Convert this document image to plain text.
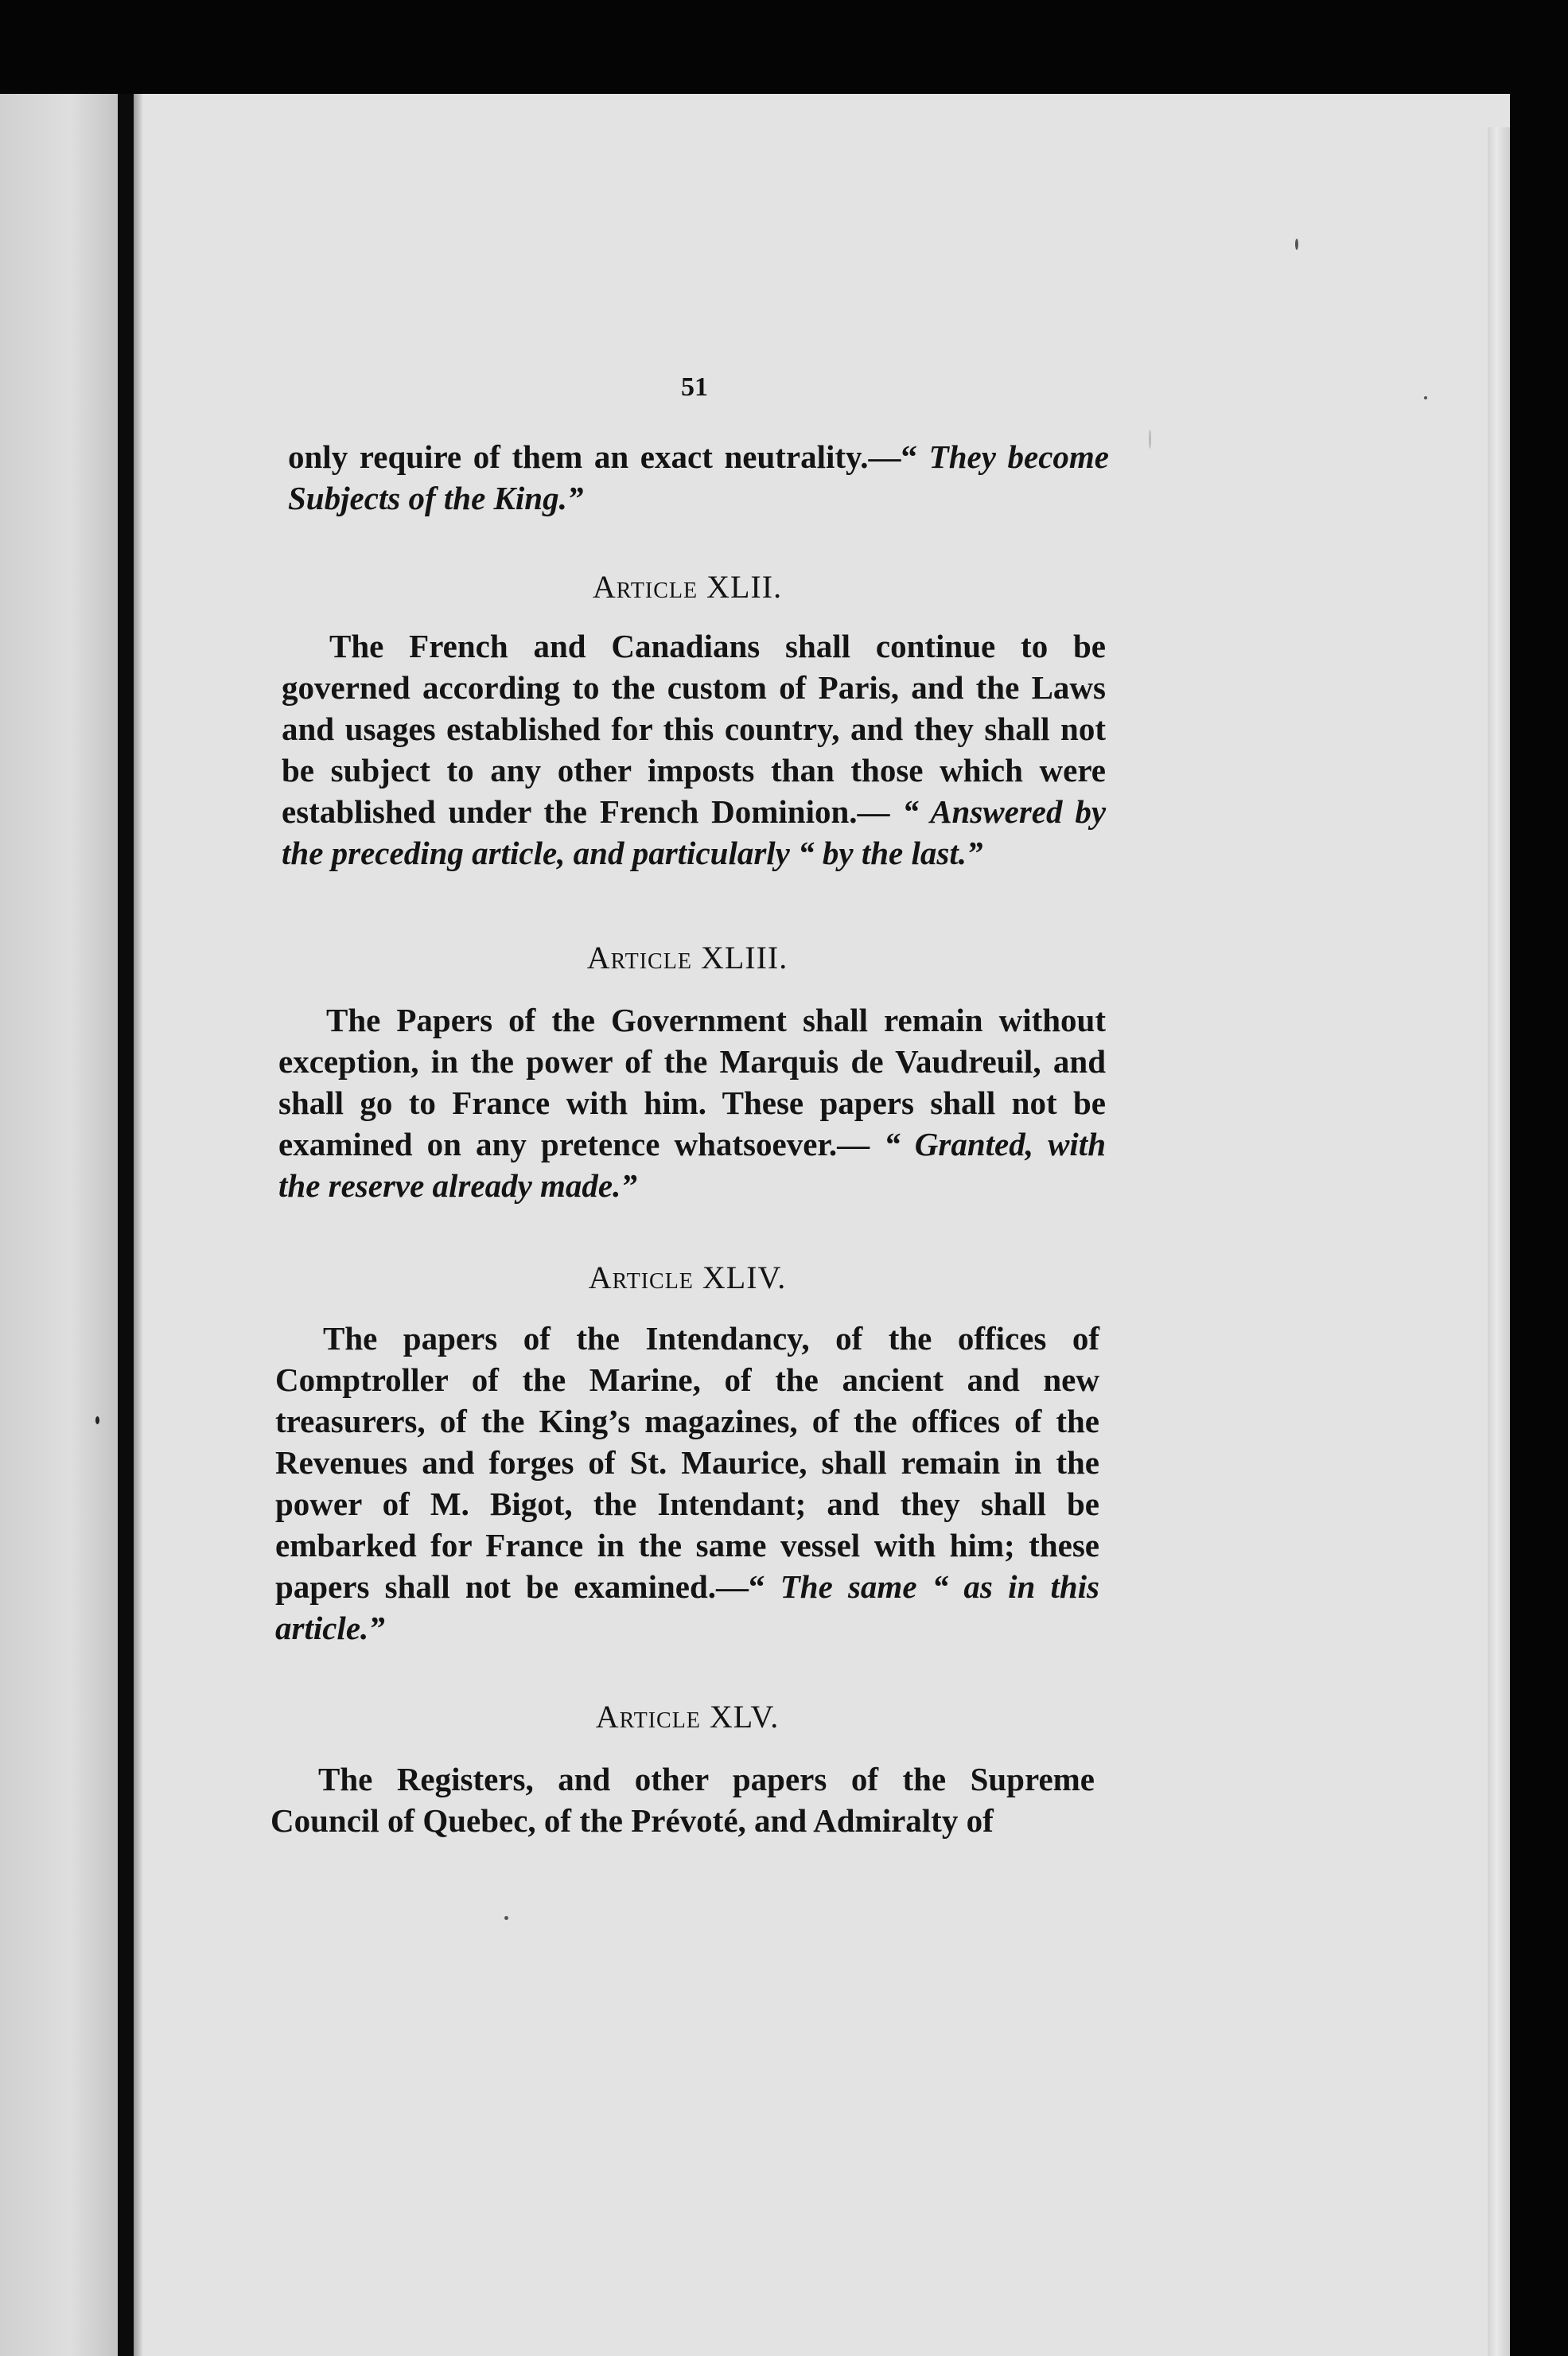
51

only require of them an exact neutrality.—“ They become Subjects of the King.”

Article XLII.

The French and Canadians shall continue to be governed according to the custom of Paris, and the Laws and usages established for this country, and they shall not be subject to any other imposts than those which were established under the French Dominion.— “ Answered by the preceding article, and particularly “ by the last.”

Article XLIII.

The Papers of the Government shall remain without exception, in the power of the Marquis de Vaudreuil, and shall go to France with him. These papers shall not be examined on any pretence whatsoever.— “ Granted, with the reserve already made.”

Article XLIV.

The papers of the Intendancy, of the offices of Comptroller of the Marine, of the ancient and new treasurers, of the King’s magazines, of the offices of the Revenues and forges of St. Maurice, shall remain in the power of M. Bigot, the Intendant; and they shall be embarked for France in the same vessel with him; these papers shall not be examined.—“ The same “ as in this article.”

Article XLV.

The Registers, and other papers of the Supreme Council of Quebec, of the Prévoté, and Admiralty of
